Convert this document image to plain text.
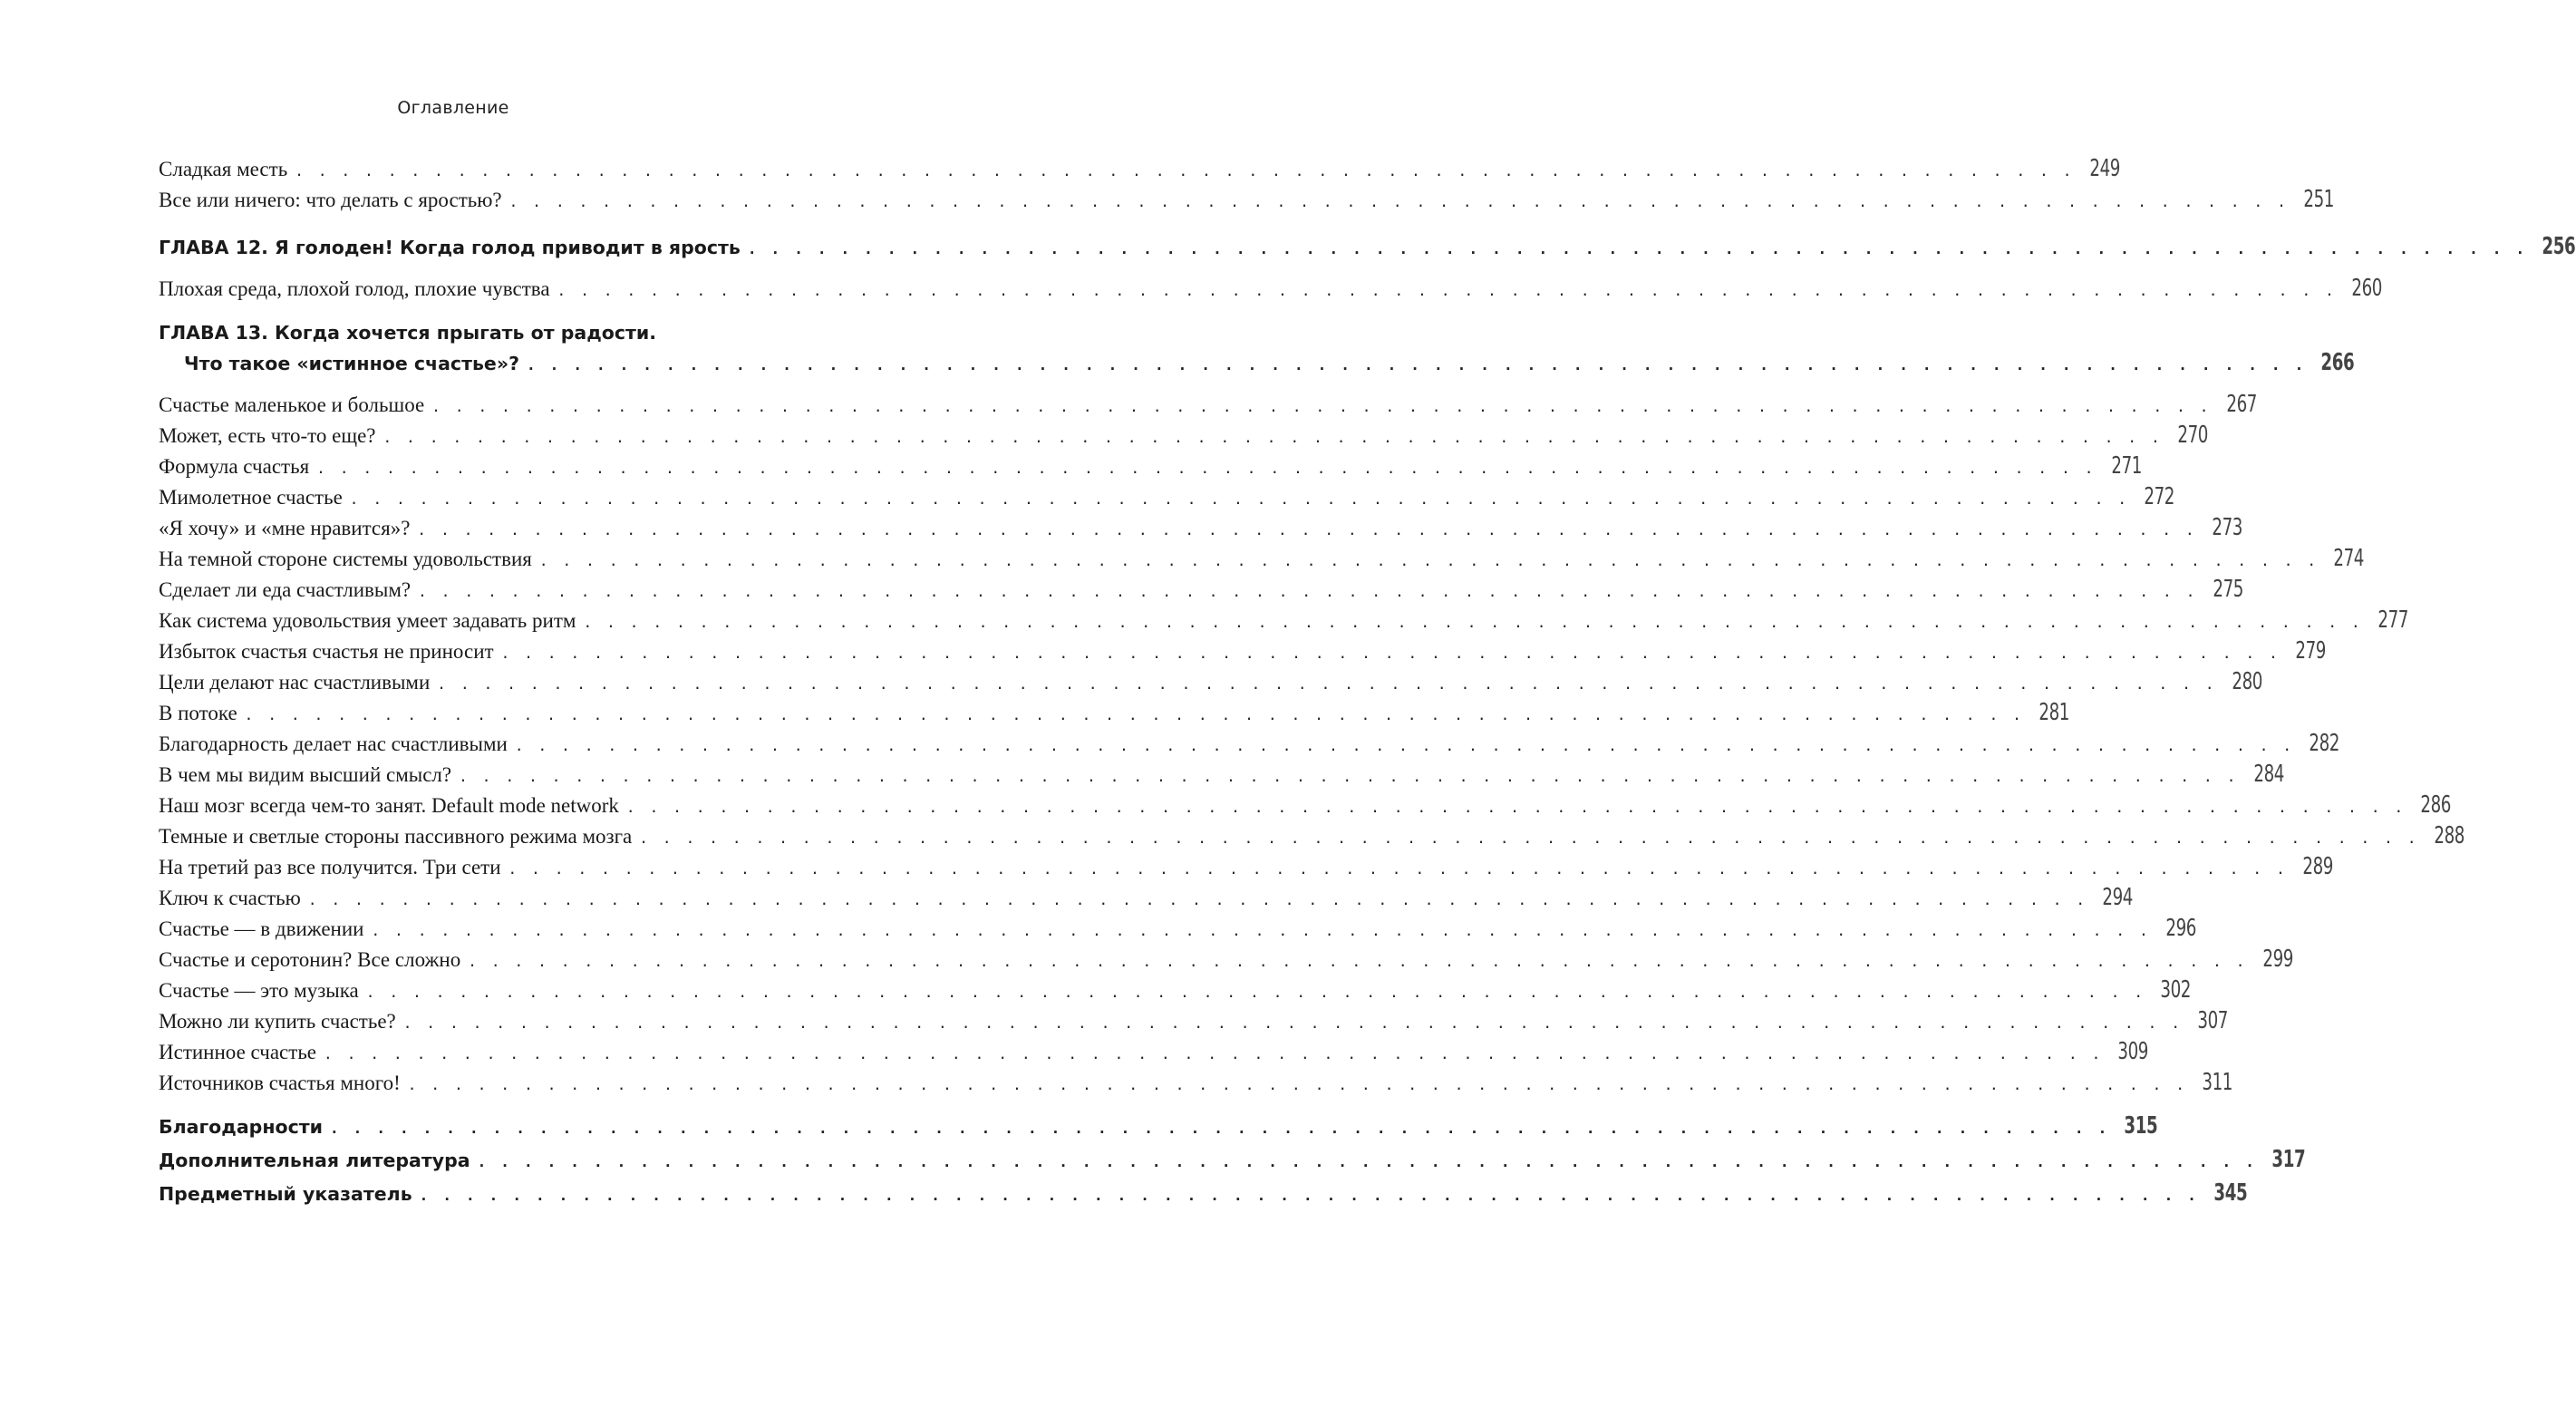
Оглавление
Сладкая месть . . . . . . . . . . . . . . . . . . . . . . . . . . . . . . . . . . . . . . . . . . . . . . . . . . . . . . . . . . . . . . . . . . . . . . . . . . . . . 249
Все или ничего: что делать с яростью? . . . . . . . . . . . . . . . . . . . . . . . . . . . . . . . . . . . . . . . . . . . . . . . . . . . . . . . . . . . . . . . . . . . . . . . . . . . . . 251
ГЛАВА 12. Я голоден! Когда голод приводит в ярость . . . . . . . . . . . . . . . . . . . . . . . . . . . . . . . . . . . . . . . . . . . . . . . . . . . . . . . . . . . . . . . . . . . . . . . . . . . . . 256
Плохая среда, плохой голод, плохие чувства . . . . . . . . . . . . . . . . . . . . . . . . . . . . . . . . . . . . . . . . . . . . . . . . . . . . . . . . . . . . . . . . . . . . . . . . . . . . . 260
ГЛАВА 13. Когда хочется прыгать от радости.
Что такое «истинное счастье»? . . . . . . . . . . . . . . . . . . . . . . . . . . . . . . . . . . . . . . . . . . . . . . . . . . . . . . . . . . . . . . . . . . . . . . . . . . . . . 266
Счастье маленькое и большое . . . . . . . . . . . . . . . . . . . . . . . . . . . . . . . . . . . . . . . . . . . . . . . . . . . . . . . . . . . . . . . . . . . . . . . . . . . . . 267
Может, есть что-то еще? . . . . . . . . . . . . . . . . . . . . . . . . . . . . . . . . . . . . . . . . . . . . . . . . . . . . . . . . . . . . . . . . . . . . . . . . . . . . . 270
Формула счастья . . . . . . . . . . . . . . . . . . . . . . . . . . . . . . . . . . . . . . . . . . . . . . . . . . . . . . . . . . . . . . . . . . . . . . . . . . . . . 271
Мимолетное счастье . . . . . . . . . . . . . . . . . . . . . . . . . . . . . . . . . . . . . . . . . . . . . . . . . . . . . . . . . . . . . . . . . . . . . . . . . . . . . 272
«Я хочу» и «мне нравится»? . . . . . . . . . . . . . . . . . . . . . . . . . . . . . . . . . . . . . . . . . . . . . . . . . . . . . . . . . . . . . . . . . . . . . . . . . . . . . 273
На темной стороне системы удовольствия . . . . . . . . . . . . . . . . . . . . . . . . . . . . . . . . . . . . . . . . . . . . . . . . . . . . . . . . . . . . . . . . . . . . . . . . . . . . . 274
Сделает ли еда счастливым? . . . . . . . . . . . . . . . . . . . . . . . . . . . . . . . . . . . . . . . . . . . . . . . . . . . . . . . . . . . . . . . . . . . . . . . . . . . . . 275
Как система удовольствия умеет задавать ритм . . . . . . . . . . . . . . . . . . . . . . . . . . . . . . . . . . . . . . . . . . . . . . . . . . . . . . . . . . . . . . . . . . . . . . . . . . . . . 277
Избыток счастья счастья не приносит . . . . . . . . . . . . . . . . . . . . . . . . . . . . . . . . . . . . . . . . . . . . . . . . . . . . . . . . . . . . . . . . . . . . . . . . . . . . . 279
Цели делают нас счастливыми . . . . . . . . . . . . . . . . . . . . . . . . . . . . . . . . . . . . . . . . . . . . . . . . . . . . . . . . . . . . . . . . . . . . . . . . . . . . . 280
В потоке . . . . . . . . . . . . . . . . . . . . . . . . . . . . . . . . . . . . . . . . . . . . . . . . . . . . . . . . . . . . . . . . . . . . . . . . . . . . . 281
Благодарность делает нас счастливыми . . . . . . . . . . . . . . . . . . . . . . . . . . . . . . . . . . . . . . . . . . . . . . . . . . . . . . . . . . . . . . . . . . . . . . . . . . . . . 282
В чем мы видим высший смысл? . . . . . . . . . . . . . . . . . . . . . . . . . . . . . . . . . . . . . . . . . . . . . . . . . . . . . . . . . . . . . . . . . . . . . . . . . . . . . 284
Наш мозг всегда чем-то занят. Default mode network . . . . . . . . . . . . . . . . . . . . . . . . . . . . . . . . . . . . . . . . . . . . . . . . . . . . . . . . . . . . . . . . . . . . . . . . . . . . . 286
Темные и светлые стороны пассивного режима мозга . . . . . . . . . . . . . . . . . . . . . . . . . . . . . . . . . . . . . . . . . . . . . . . . . . . . . . . . . . . . . . . . . . . . . . . . . . . . . 288
На третий раз все получится. Три сети . . . . . . . . . . . . . . . . . . . . . . . . . . . . . . . . . . . . . . . . . . . . . . . . . . . . . . . . . . . . . . . . . . . . . . . . . . . . . 289
Ключ к счастью . . . . . . . . . . . . . . . . . . . . . . . . . . . . . . . . . . . . . . . . . . . . . . . . . . . . . . . . . . . . . . . . . . . . . . . . . . . . . 294
Счастье — в движении . . . . . . . . . . . . . . . . . . . . . . . . . . . . . . . . . . . . . . . . . . . . . . . . . . . . . . . . . . . . . . . . . . . . . . . . . . . . . 296
Счастье и серотонин? Все сложно . . . . . . . . . . . . . . . . . . . . . . . . . . . . . . . . . . . . . . . . . . . . . . . . . . . . . . . . . . . . . . . . . . . . . . . . . . . . . 299
Счастье — это музыка . . . . . . . . . . . . . . . . . . . . . . . . . . . . . . . . . . . . . . . . . . . . . . . . . . . . . . . . . . . . . . . . . . . . . . . . . . . . . 302
Можно ли купить счастье? . . . . . . . . . . . . . . . . . . . . . . . . . . . . . . . . . . . . . . . . . . . . . . . . . . . . . . . . . . . . . . . . . . . . . . . . . . . . . 307
Истинное счастье . . . . . . . . . . . . . . . . . . . . . . . . . . . . . . . . . . . . . . . . . . . . . . . . . . . . . . . . . . . . . . . . . . . . . . . . . . . . . 309
Источников счастья много! . . . . . . . . . . . . . . . . . . . . . . . . . . . . . . . . . . . . . . . . . . . . . . . . . . . . . . . . . . . . . . . . . . . . . . . . . . . . . 311
Благодарности . . . . . . . . . . . . . . . . . . . . . . . . . . . . . . . . . . . . . . . . . . . . . . . . . . . . . . . . . . . . . . . . . . . . . . . . . . . . . 315
Дополнительная литература . . . . . . . . . . . . . . . . . . . . . . . . . . . . . . . . . . . . . . . . . . . . . . . . . . . . . . . . . . . . . . . . . . . . . . . . . . . . . 317
Предметный указатель . . . . . . . . . . . . . . . . . . . . . . . . . . . . . . . . . . . . . . . . . . . . . . . . . . . . . . . . . . . . . . . . . . . . . . . . . . . . . 345
